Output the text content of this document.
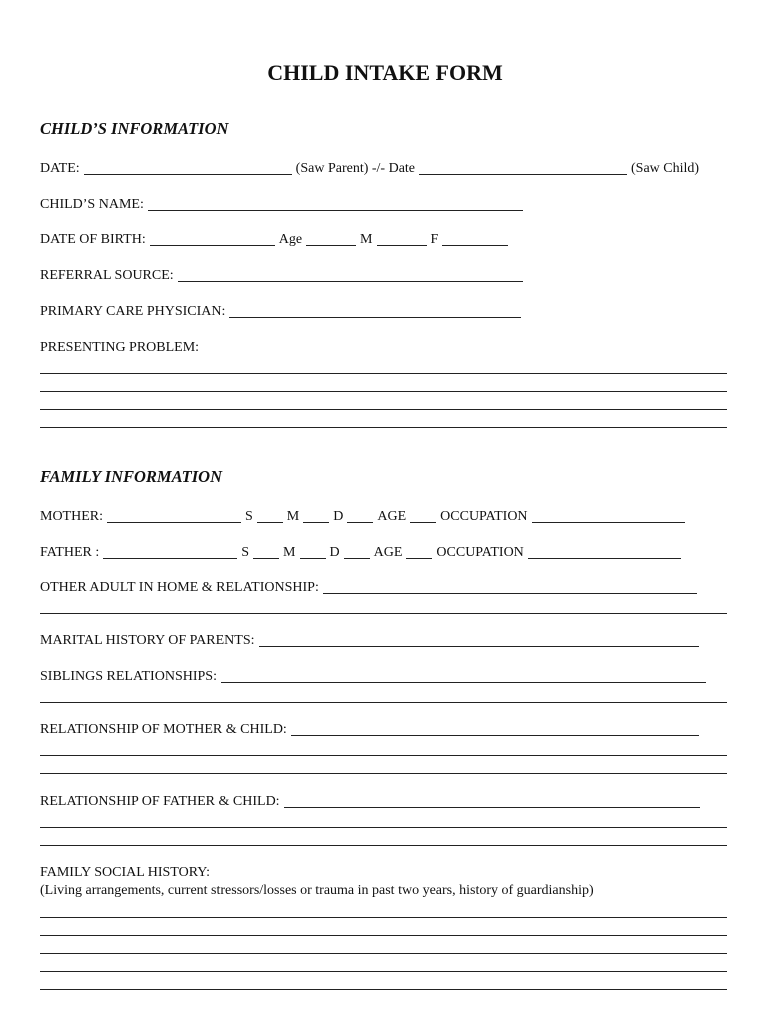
CHILD INTAKE FORM
CHILD’S INFORMATION
DATE:	(Saw Parent) -/- Date	(Saw Child)
CHILD’S NAME:
DATE OF BIRTH:	Age	M	F
REFERRAL SOURCE:
PRIMARY CARE PHYSICIAN:
PRESENTING PROBLEM:
FAMILY INFORMATION
MOTHER:	S M D AGE OCCUPATION
FATHER :	S M D AGE OCCUPATION
OTHER ADULT IN HOME & RELATIONSHIP:
MARITAL HISTORY OF PARENTS:
SIBLINGS RELATIONSHIPS:
RELATIONSHIP OF MOTHER & CHILD:
RELATIONSHIP OF FATHER & CHILD:
FAMILY SOCIAL HISTORY:
(Living arrangements, current stressors/losses or trauma in past two years, history of guardianship)
